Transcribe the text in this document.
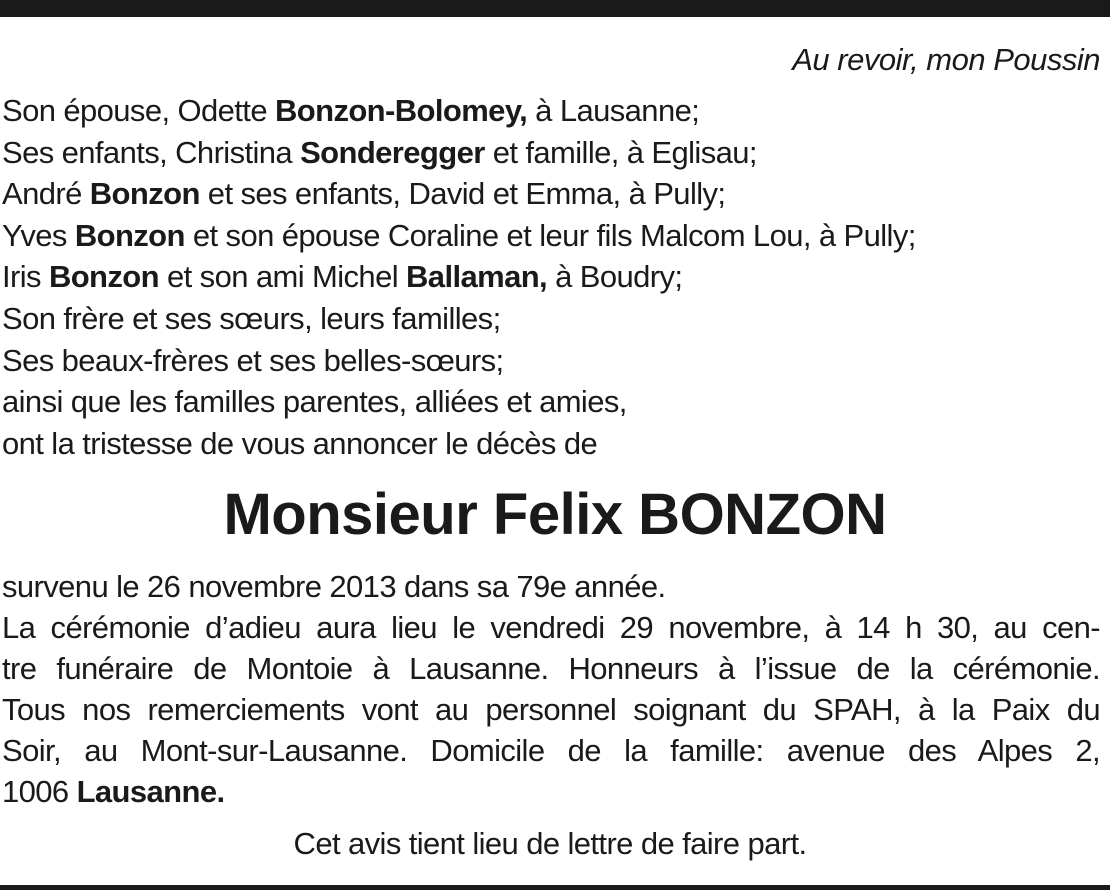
Au revoir, mon Poussin
Son épouse, Odette Bonzon-Bolomey, à Lausanne;
Ses enfants, Christina Sonderegger et famille, à Eglisau;
André Bonzon et ses enfants, David et Emma, à Pully;
Yves Bonzon et son épouse Coraline et leur fils Malcom Lou, à Pully;
Iris Bonzon et son ami Michel Ballaman, à Boudry;
Son frère et ses sœurs, leurs familles;
Ses beaux-frères et ses belles-sœurs;
ainsi que les familles parentes, alliées et amies,
ont la tristesse de vous annoncer le décès de
Monsieur Felix BONZON
survenu le 26 novembre 2013 dans sa 79e année.
La cérémonie d’adieu aura lieu le vendredi 29 novembre, à 14 h 30, au cen-
tre funéraire de Montoie à Lausanne. Honneurs à l’issue de la cérémonie.
Tous nos remerciements vont au personnel soignant du SPAH, à la Paix du
Soir, au Mont-sur-Lausanne. Domicile de la famille: avenue des Alpes 2,
1006 Lausanne.
Cet avis tient lieu de lettre de faire part.
